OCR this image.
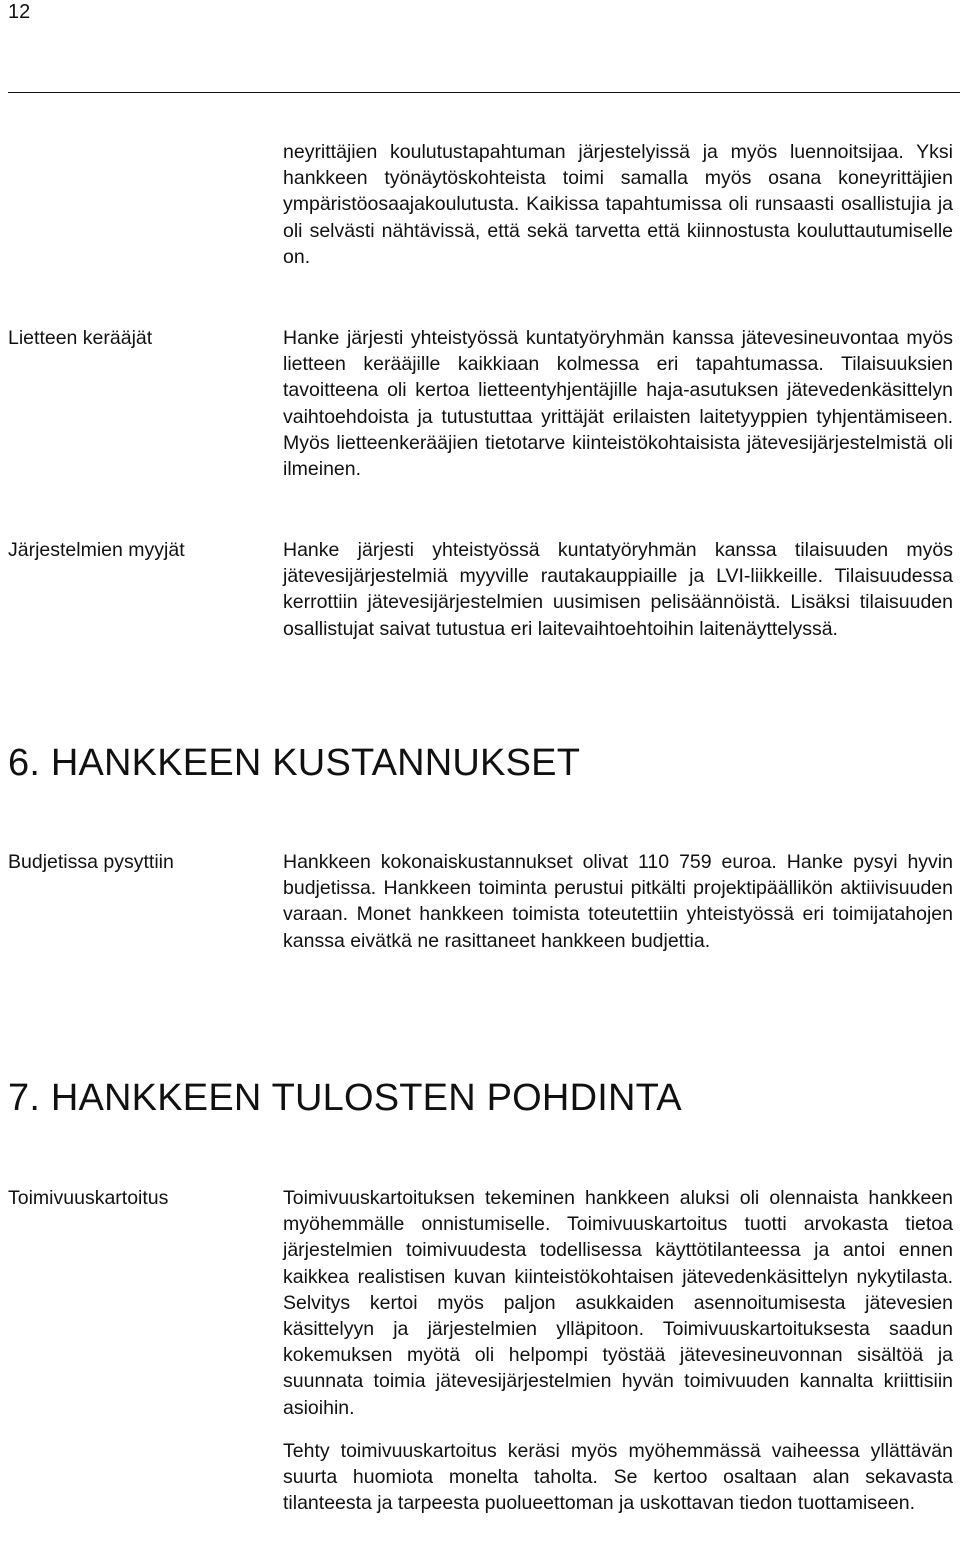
12

neyrittäjien koulutustapahtuman järjestelyissä ja myös luennoitsijaa. Yksi hankkeen työnäytöskohteista toimi samalla myös osana koneyrittäjien ympäristöosaajakoulutusta. Kaikissa tapahtumissa oli runsaasti osallistujia ja oli selvästi nähtävissä, että sekä tarvetta että kiinnostusta kouluttautumiselle on.

Lietteen kerääjät	Hanke järjesti yhteistyössä kuntatyöryhmän kanssa jätevesineuvontaa myös lietteen kerääjille kaikkiaan kolmessa eri tapahtumassa. Tilaisuuksien tavoitteena oli kertoa lietteentyhjentäjille haja-asutuksen jätevedenkäsittelyn vaihtoehdoista ja tutustuttaa yrittäjät erilaisten laitetyyppien tyhjentämiseen. Myös lietteenkerääjien tietotarve kiinteistökohtaisista jätevesijärjestelmistä oli ilmeinen.

Järjestelmien myyjät	Hanke järjesti yhteistyössä kuntatyöryhmän kanssa tilaisuuden myös jätevesijärjestelmiä myyville rautakauppiaille ja LVI-liikkeille. Tilaisuudessa kerrottiin jätevesijärjestelmien uusimisen pelisäännöistä. Lisäksi tilaisuuden osallistujat saivat tutustua eri laitevaihtoehtoihin laitenäyttelyssä.

6. HANKKEEN KUSTANNUKSET

Budjetissa pysyttiin	Hankkeen kokonaiskustannukset olivat 110 759 euroa. Hanke pysyi hyvin budjetissa. Hankkeen toiminta perustui pitkälti projektipäällikön aktiivisuuden varaan. Monet hankkeen toimista toteutettiin yhteistyössä eri toimijatahojen kanssa eivätkä ne rasittaneet hankkeen budjettia.

7. HANKKEEN TULOSTEN POHDINTA

Toimivuuskartoitus	Toimivuuskartoituksen tekeminen hankkeen aluksi oli olennaista hankkeen myöhemmälle onnistumiselle. Toimivuuskartoitus tuotti arvokasta tietoa järjestelmien toimivuudesta todellisessa käyttötilanteessa ja antoi ennen kaikkea realistisen kuvan kiinteistökohtaisen jätevedenkäsittelyn nykytilasta. Selvitys kertoi myös paljon asukkaiden asennoitumisesta jätevesien käsittelyyn ja järjestelmien ylläpitoon. Toimivuuskartoituksesta saadun kokemuksen myötä oli helpompi työstää jätevesineuvonnan sisältöä ja suunnata toimia jätevesijärjestelmien hyvän toimivuuden kannalta kriittisiin asioihin.

Tehty toimivuuskartoitus keräsi myös myöhemmässä vaiheessa yllättävän suurta huomiota monelta taholta. Se kertoo osaltaan alan sekavasta tilanteesta ja tarpeesta puolueettoman ja uskottavan tiedon tuottamiseen.
